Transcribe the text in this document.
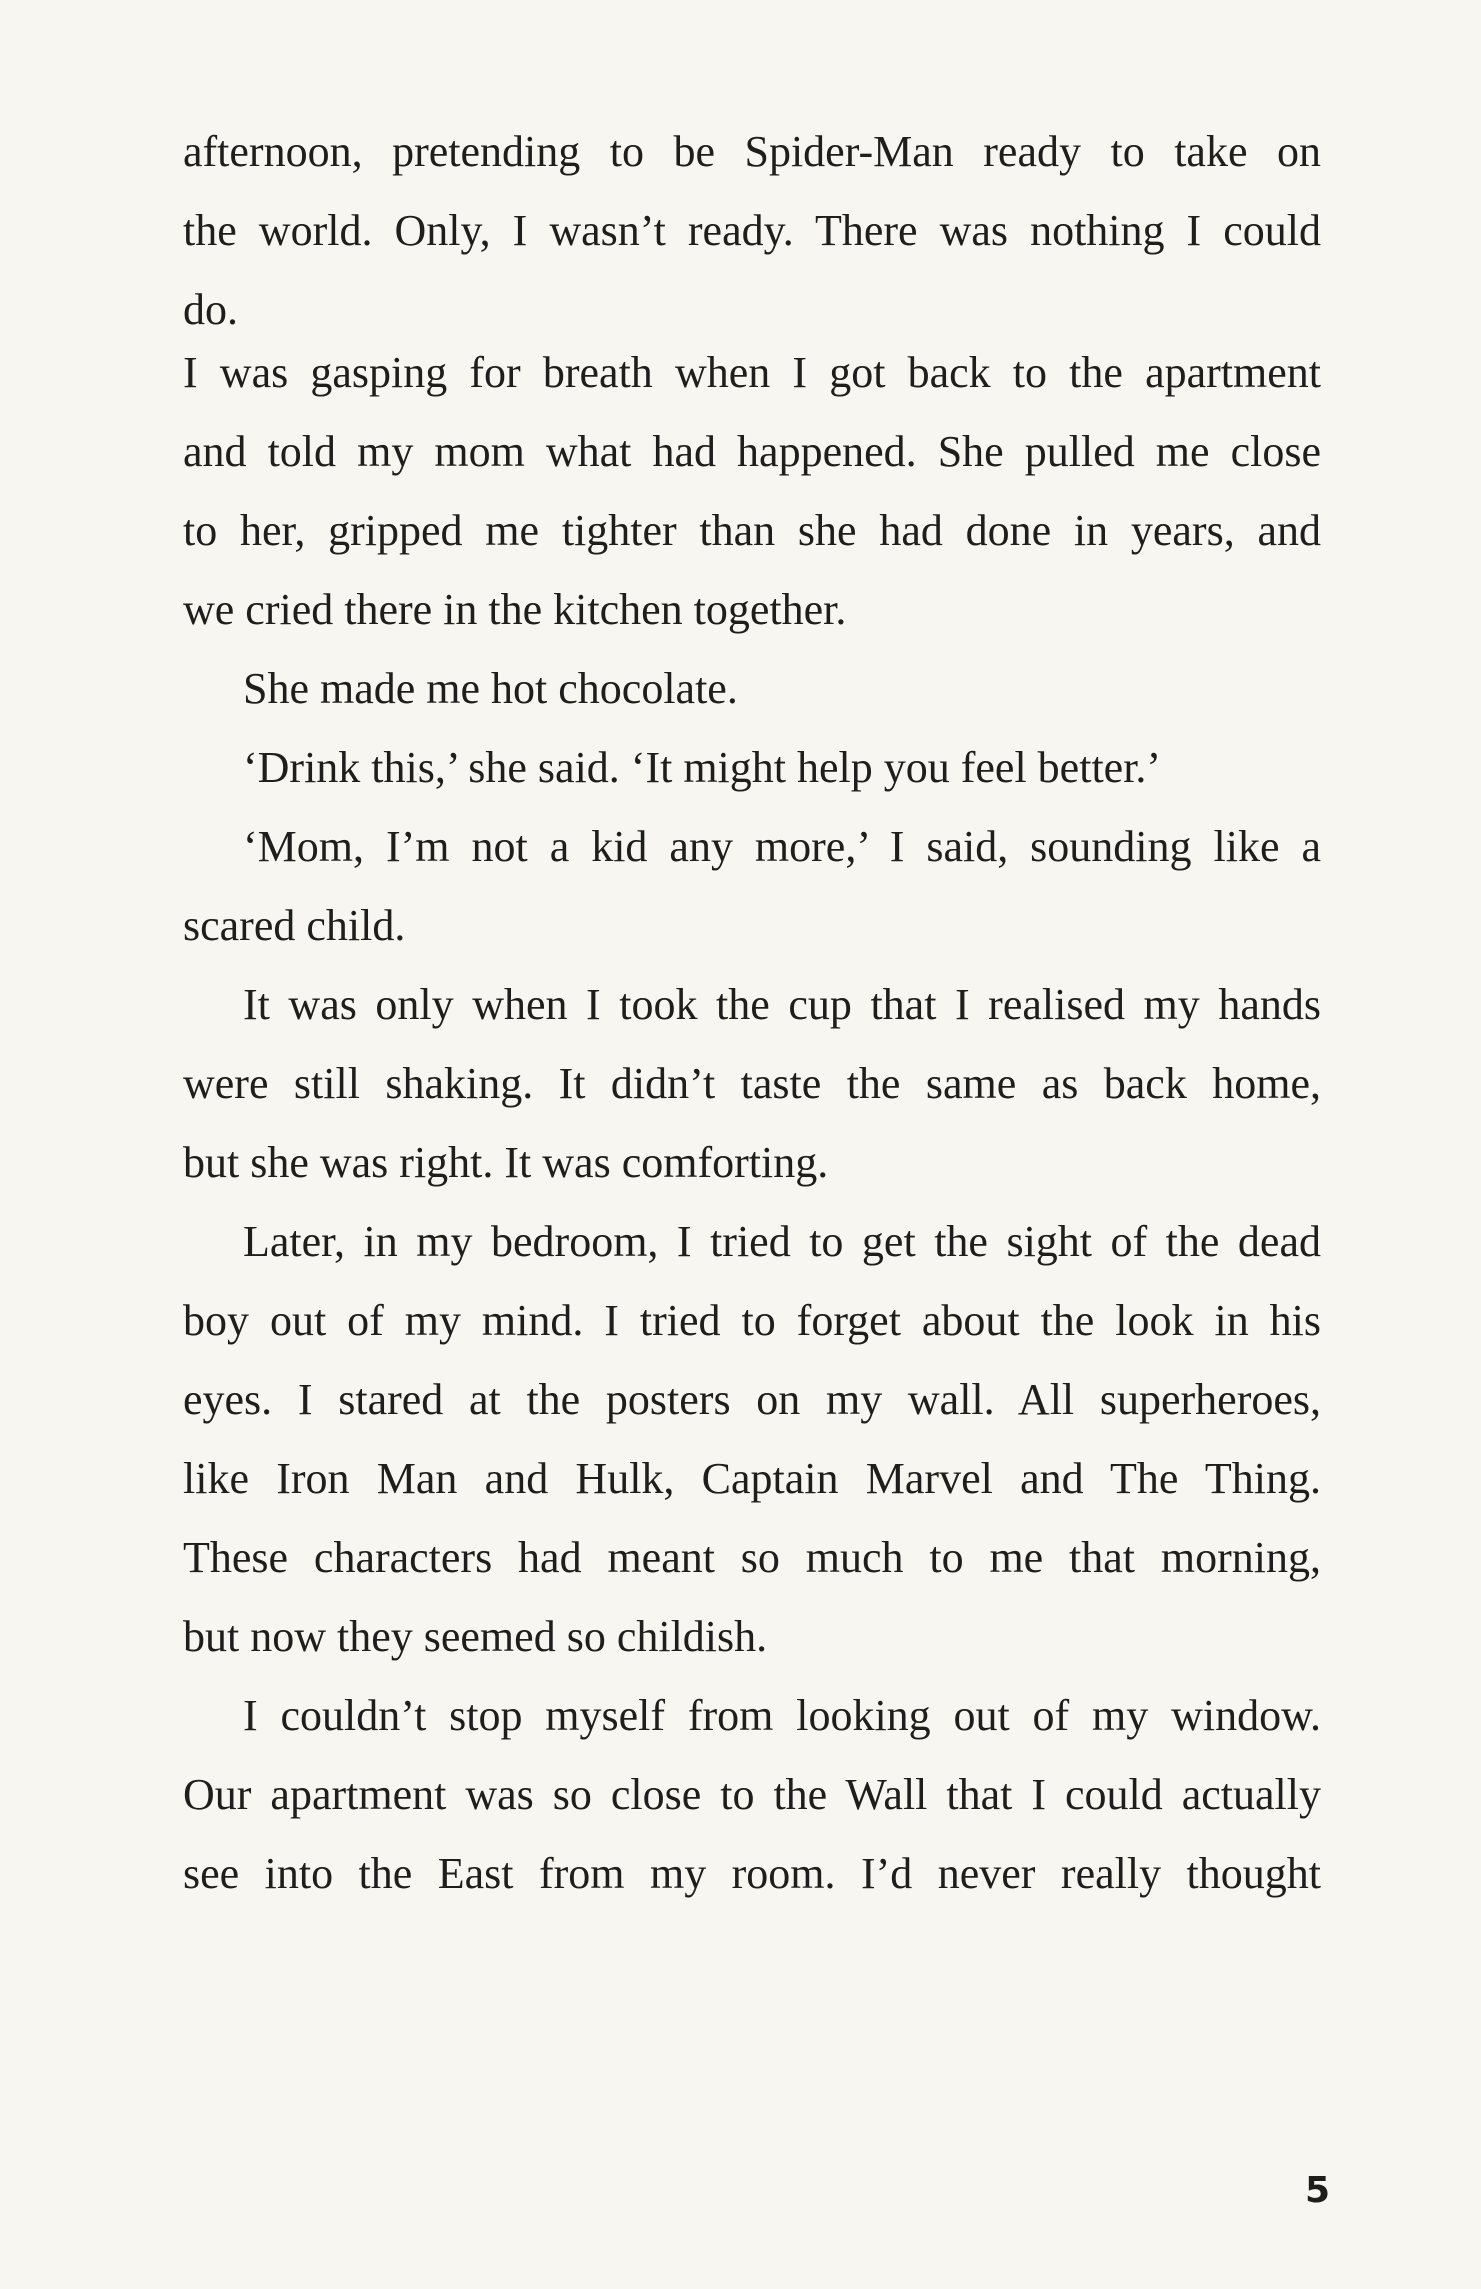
afternoon, pretending to be Spider-Man ready to take on
the world. Only, I wasn’t ready. There was nothing I could
do.
I was gasping for breath when I got back to the apartment
and told my mom what had happened. She pulled me close
to her, gripped me tighter than she had done in years, and
we cried there in the kitchen together.
She made me hot chocolate.
‘Drink this,’ she said. ‘It might help you feel better.’
‘Mom, I’m not a kid any more,’ I said, sounding like a
scared child.
It was only when I took the cup that I realised my hands
were still shaking. It didn’t taste the same as back home,
but she was right. It was comforting.
Later, in my bedroom, I tried to get the sight of the dead
boy out of my mind. I tried to forget about the look in his
eyes. I stared at the posters on my wall. All superheroes,
like Iron Man and Hulk, Captain Marvel and The Thing.
These characters had meant so much to me that morning,
but now they seemed so childish.
I couldn’t stop myself from looking out of my window.
Our apartment was so close to the Wall that I could actually
see into the East from my room. I’d never really thought
5
